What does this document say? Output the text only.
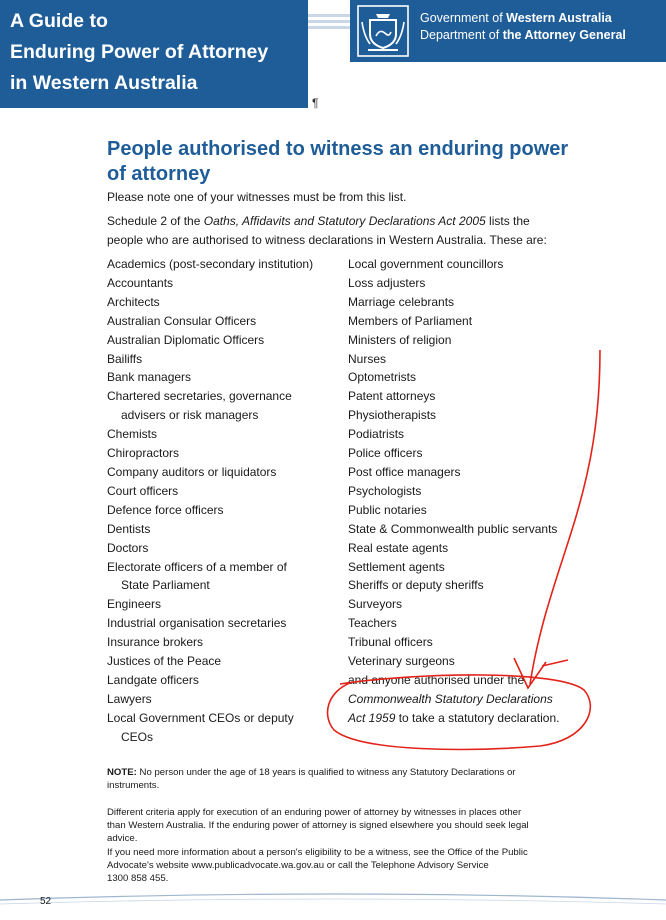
A Guide to
Enduring Power of Attorney
in Western Australia
¶
Government of Western Australia
Department of the Attorney General
People authorised to witness an enduring power
of attorney
Please note one of your witnesses must be from this list.
Schedule 2 of the Oaths, Affidavits and Statutory Declarations Act 2005 lists the
people who are authorised to witness declarations in Western Australia. These are:
Academics (post-secondary institution)
Accountants
Architects
Australian Consular Officers
Australian Diplomatic Officers
Bailiffs
Bank managers
Chartered secretaries, governance
advisers or risk managers
Chemists
Chiropractors
Company auditors or liquidators
Court officers
Defence force officers
Dentists
Doctors
Electorate officers of a member of
State Parliament
Engineers
Industrial organisation secretaries
Insurance brokers
Justices of the Peace
Landgate officers
Lawyers
Local Government CEOs or deputy
CEOs
Local government councillors
Loss adjusters
Marriage celebrants
Members of Parliament
Ministers of religion
Nurses
Optometrists
Patent attorneys
Physiotherapists
Podiatrists
Police officers
Post office managers
Psychologists
Public notaries
State & Commonwealth public servants
Real estate agents
Settlement agents
Sheriffs or deputy sheriffs
Surveyors
Teachers
Tribunal officers
Veterinary surgeons
and anyone authorised under the
Commonwealth Statutory Declarations
Act 1959 to take a statutory declaration.
NOTE: No person under the age of 18 years is qualified to witness any Statutory Declarations or
instruments.
Different criteria apply for execution of an enduring power of attorney by witnesses in places other
than Western Australia. If the enduring power of attorney is signed elsewhere you should seek legal
advice.
If you need more information about a person's eligibility to be a witness, see the Office of the Public
Advocate's website www.publicadvocate.wa.gov.au or call the Telephone Advisory Service
1300 858 455.
52
